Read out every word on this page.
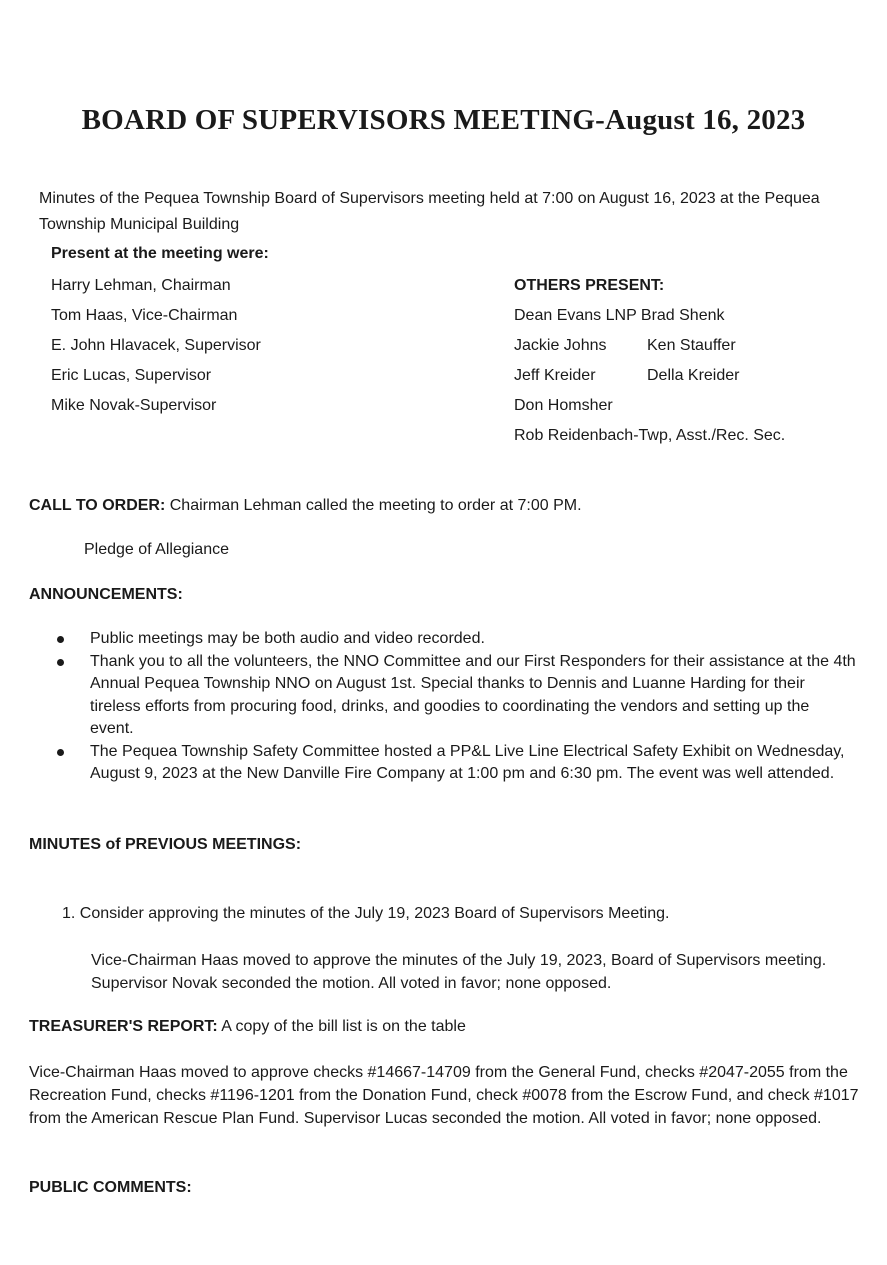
BOARD OF SUPERVISORS MEETING-August 16, 2023
Minutes of the Pequea Township Board of Supervisors meeting held at 7:00 on August 16, 2023 at the Pequea Township Municipal Building
Present at the meeting were:
Harry Lehman, Chairman
Tom Haas, Vice-Chairman
E. John Hlavacek, Supervisor
Eric Lucas, Supervisor
Mike Novak-Supervisor
OTHERS PRESENT:
Dean Evans LNP Brad Shenk
Jackie Johns	Ken Stauffer
Jeff Kreider	Della Kreider
Don Homsher
Rob Reidenbach-Twp, Asst./Rec. Sec.
CALL TO ORDER: Chairman Lehman called the meeting to order at 7:00 PM.
Pledge of Allegiance
ANNOUNCEMENTS:
Public meetings may be both audio and video recorded.
Thank you to all the volunteers, the NNO Committee and our First Responders for their assistance at the 4th Annual Pequea Township NNO on August 1st. Special thanks to Dennis and Luanne Harding for their tireless efforts from procuring food, drinks, and goodies to coordinating the vendors and setting up the event.
The Pequea Township Safety Committee hosted a PP&L Live Line Electrical Safety Exhibit on Wednesday, August 9, 2023 at the New Danville Fire Company at 1:00 pm and 6:30 pm. The event was well attended.
MINUTES of PREVIOUS MEETINGS:
1. Consider approving the minutes of the July 19, 2023 Board of Supervisors Meeting.
Vice-Chairman Haas moved to approve the minutes of the July 19, 2023, Board of Supervisors meeting. Supervisor Novak seconded the motion. All voted in favor; none opposed.
TREASURER'S REPORT: A copy of the bill list is on the table
Vice-Chairman Haas moved to approve checks #14667-14709 from the General Fund, checks #2047-2055 from the Recreation Fund, checks #1196-1201 from the Donation Fund, check #0078 from the Escrow Fund, and check #1017 from the American Rescue Plan Fund. Supervisor Lucas seconded the motion. All voted in favor; none opposed.
PUBLIC COMMENTS:
